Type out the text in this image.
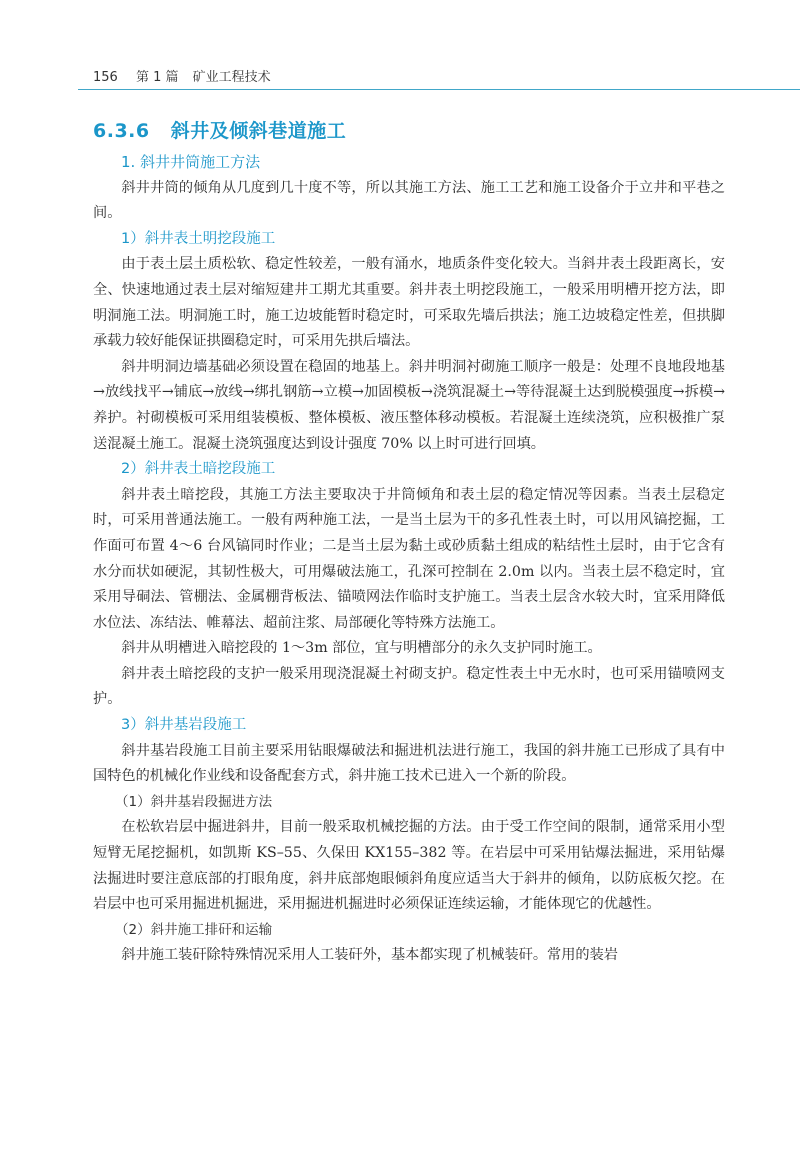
156 第 1 篇 矿业工程技术
6.3.6 斜井及倾斜巷道施工
1. 斜井井筒施工方法

斜井井筒的倾角从几度到几十度不等，所以其施工方法、施工工艺和施工设备介于立井和平巷之间。

1）斜井表土明挖段施工

由于表土层土质松软、稳定性较差，一般有涌水，地质条件变化较大。当斜井表土段距离长，安全、快速地通过表土层对缩短建井工期尤其重要。斜井表土明挖段施工，一般采用明槽开挖方法，即明洞施工法。明洞施工时，施工边坡能暂时稳定时，可采取先墙后拱法；施工边坡稳定性差，但拱脚承载力较好能保证拱圈稳定时，可采用先拱后墙法。

斜井明洞边墙基础必须设置在稳固的地基上。斜井明洞衬砌施工顺序一般是：处理不良地段地基→放线找平→铺底→放线→绑扎钢筋→立模→加固模板→浇筑混凝土→等待混凝土达到脱模强度→拆模→养护。衬砌模板可采用组装模板、整体模板、液压整体移动模板。若混凝土连续浇筑，应积极推广泵送混凝土施工。混凝土浇筑强度达到设计强度 70% 以上时可进行回填。

2）斜井表土暗挖段施工

斜井表土暗挖段，其施工方法主要取决于井筒倾角和表土层的稳定情况等因素。当表土层稳定时，可采用普通法施工。一般有两种施工法，一是当土层为干的多孔性表土时，可以用风镐挖掘，工作面可布置 4～6 台风镐同时作业；二是当土层为黏土或砂质黏土组成的粘结性土层时，由于它含有水分而状如硬泥，其韧性极大，可用爆破法施工，孔深可控制在 2.0m 以内。当表土层不稳定时，宜采用导硐法、管棚法、金属棚背板法、锚喷网法作临时支护施工。当表土层含水较大时，宜采用降低水位法、冻结法、帷幕法、超前注浆、局部硬化等特殊方法施工。

斜井从明槽进入暗挖段的 1～3m 部位，宜与明槽部分的永久支护同时施工。

斜井表土暗挖段的支护一般采用现浇混凝土衬砌支护。稳定性表土中无水时，也可采用锚喷网支护。

3）斜井基岩段施工

斜井基岩段施工目前主要采用钻眼爆破法和掘进机法进行施工，我国的斜井施工已形成了具有中国特色的机械化作业线和设备配套方式，斜井施工技术已进入一个新的阶段。

（1）斜井基岩段掘进方法

在松软岩层中掘进斜井，目前一般采取机械挖掘的方法。由于受工作空间的限制，通常采用小型短臂无尾挖掘机，如凯斯 KS–55、久保田 KX155–382 等。在岩层中可采用钻爆法掘进，采用钻爆法掘进时要注意底部的打眼角度，斜井底部炮眼倾斜角度应适当大于斜井的倾角，以防底板欠挖。在岩层中也可采用掘进机掘进，采用掘进机掘进时必须保证连续运输，才能体现它的优越性。

（2）斜井施工排矸和运输

斜井施工装矸除特殊情况采用人工装矸外，基本都实现了机械装矸。常用的装岩
